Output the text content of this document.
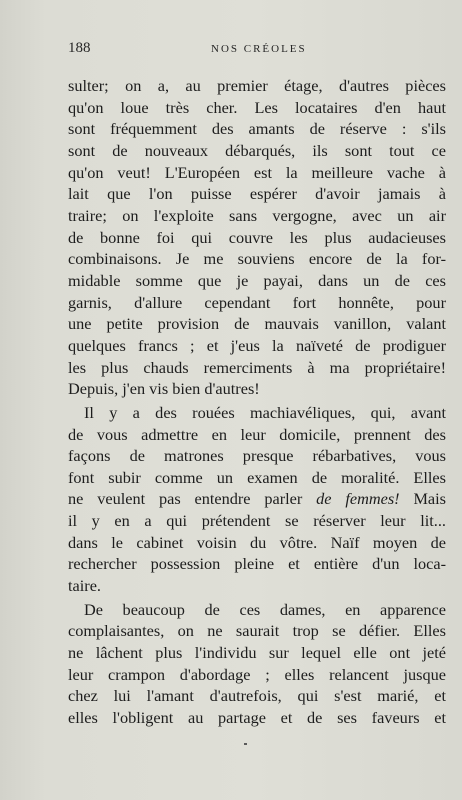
188	NOS CRÉOLES
sulter; on a, au premier étage, d'autres pièces
qu'on loue très cher. Les locataires d'en haut
sont fréquemment des amants de réserve : s'ils
sont de nouveaux débarqués, ils sont tout ce
qu'on veut! L'Européen est la meilleure vache à
lait que l'on puisse espérer d'avoir jamais à
traire; on l'exploite sans vergogne, avec un air
de bonne foi qui couvre les plus audacieuses
combinaisons. Je me souviens encore de la for-
midable somme que je payai, dans un de ces
garnis, d'allure cependant fort honnête, pour
une petite provision de mauvais vanillon, valant
quelques francs ; et j'eus la naïveté de prodiguer
les plus chauds remerciments à ma propriétaire!
Depuis, j'en vis bien d'autres!
Il y a des rouées machiavéliques, qui, avant
de vous admettre en leur domicile, prennent des
façons de matrones presque rébarbatives, vous
font subir comme un examen de moralité. Elles
ne veulent pas entendre parler de femmes! Mais
il y en a qui prétendent se réserver leur lit...
dans le cabinet voisin du vôtre. Naïf moyen de
rechercher possession pleine et entière d'un loca-
taire.
De beaucoup de ces dames, en apparence
complaisantes, on ne saurait trop se défier. Elles
ne lâchent plus l'individu sur lequel elle ont jeté
leur crampon d'abordage ; elles relancent jusque
chez lui l'amant d'autrefois, qui s'est marié, et
elles l'obligent au partage et de ses faveurs et
